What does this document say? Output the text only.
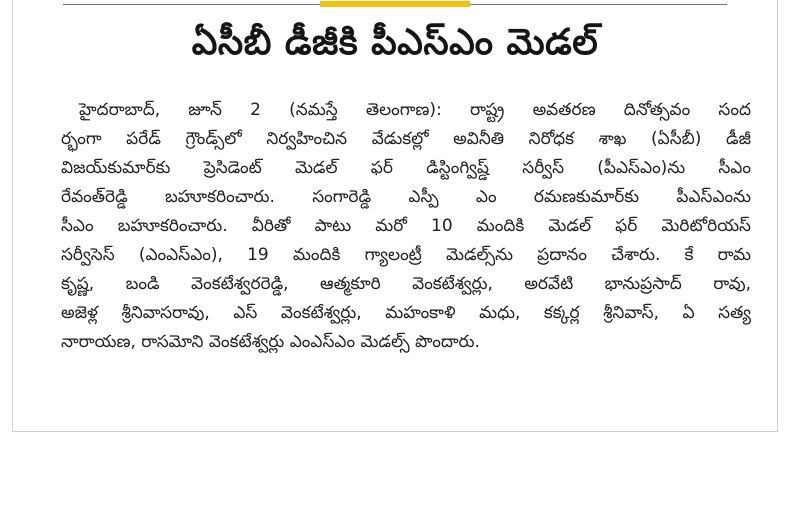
ఏసీబీ డీజీకి పీఎస్ఎం మెడల్
హైదరాబాద్, జూన్ 2 (నమస్తే తెలంగాణ): రాష్ట్ర అవతరణ దినోత్సవం సంద
ర్భంగా పరేడ్ గ్రౌండ్స్‌లో నిర్వహించిన వేడుకల్లో అవినీతి నిరోధక శాఖ (ఏసీబీ) డీజీ
విజయ్‌కుమార్‌కు ప్రెసిడెంట్ మెడల్ ఫర్ డిస్టింగ్విష్డ్ సర్వీస్ (పీఎస్ఎం)ను సీఎం
రేవంత్‌రెడ్డి బహూకరించారు. సంగారెడ్డి ఎస్పీ ఎం రమణకుమార్‌కు పీఎస్ఎంను
సీఎం బహూకరించారు. వీరితో పాటు మరో 10 మందికి మెడల్ ఫర్ మెరిటోరియస్
సర్వీసెస్ (ఎంఎస్ఎం), 19 మందికి గ్యాలంట్రీ మెడల్స్‌ను ప్రదానం చేశారు. కే రామ
కృష్ణ, బండి వెంకటేశ్వరరెడ్డి, ఆత్మకూరి వెంకటేశ్వర్లు, అరవేటి భానుప్రసాద్ రావు,
అజెళ్ల శ్రీనివాసరావు, ఎస్ వెంకటేశ్వర్లు, మహంకాళి మధు, కక్కర్ల శ్రీనివాస్, ఏ సత్య
నారాయణ, రాసమోని వెంకటేశ్వర్లు ఎంఎస్ఎం మెడల్స్ పొందారు.
